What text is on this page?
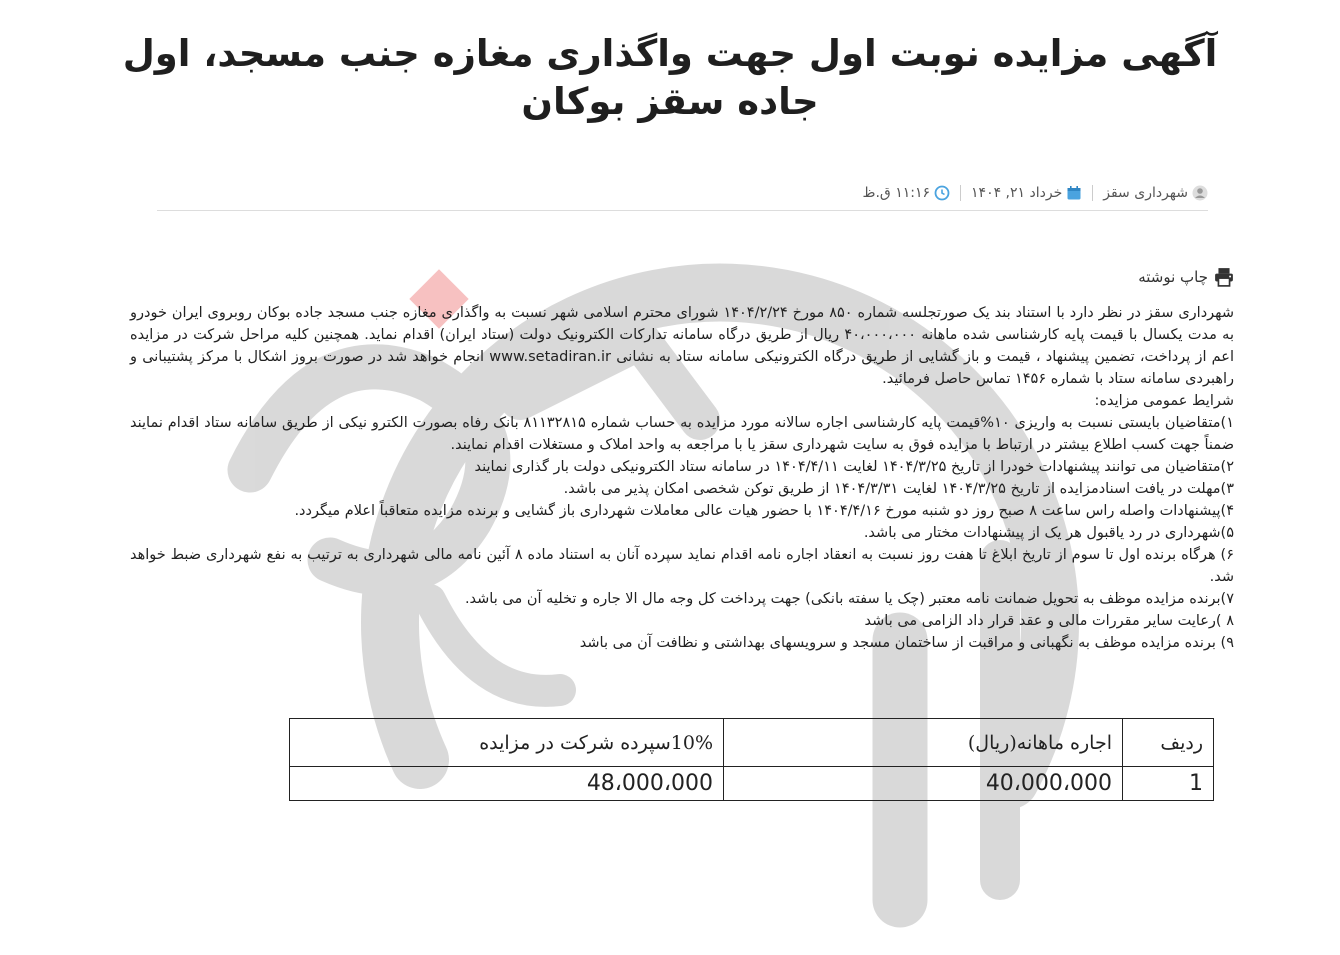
آگهی مزایده نوبت اول جهت واگذاری مغازه جنب مسجد، اول جاده سقز بوکان
شهرداری سقز
خرداد ۲۱, ۱۴۰۴
۱۱:۱۶ ق.ظ
چاپ نوشته

شهرداری سقز در نظر دارد با استناد بند یک صورتجلسه شماره ۸۵۰ مورخ ۱۴۰۴/۲/۲۴ شورای محترم اسلامی شهر نسبت به واگذاری مغازه جنب مسجد جاده بوکان روبروی ایران خودرو به مدت یکسال با قیمت پایه کارشناسی شده ماهانه ۴۰،۰۰۰،۰۰۰ ریال از طریق درگاه سامانه تدارکات الکترونیک دولت (ستاد ایران) اقدام نماید. همچنین کلیه مراحل شرکت در مزایده اعم از پرداخت، تضمین پیشنهاد ، قیمت و باز گشایی از طریق درگاه الکترونیکی سامانه ستاد به نشانی www.setadiran.ir انجام خواهد شد در صورت بروز اشکال با مرکز پشتیبانی و راهبردی سامانه ستاد با شماره ۱۴۵۶ تماس حاصل فرمائید.

شرایط عمومی مزایده:

۱)متقاضیان بایستی نسبت به واریزی ۱۰%قیمت پایه کارشناسی اجاره سالانه مورد مزایده به حساب شماره ۸۱۱۳۲۸۱۵ بانک رفاه بصورت الکترو نیکی از طریق سامانه ستاد اقدام نمایند ضمناً جهت کسب اطلاع بیشتر در ارتباط با مزایده فوق به سایت شهرداری سقز یا با مراجعه به واحد املاک و مستغلات اقدام نمایند.

۲)متقاضیان می توانند پیشنهادات خودرا از تاریخ ۱۴۰۴/۳/۲۵ لغایت ۱۴۰۴/۴/۱۱ در سامانه ستاد الکترونیکی دولت بار گذاری نمایند

۳)مهلت در یافت اسنادمزایده از تاریخ ۱۴۰۴/۳/۲۵ لغایت ۱۴۰۴/۳/۳۱ از طریق توکن شخصی امکان پذیر می باشد.

۴)پیشنهادات واصله راس ساعت ۸ صبح روز دو شنبه مورخ ۱۴۰۴/۴/۱۶ با حضور هیات عالی معاملات شهرداری باز گشایی و برنده مزایده متعاقباً اعلام میگردد.

۵)شهرداری در رد یاقبول هر یک از پیشنهادات مختار می باشد.

۶) هرگاه برنده اول تا سوم از تاریخ ابلاغ تا هفت روز نسبت به انعقاد اجاره نامه اقدام نماید سپرده آنان به استناد ماده ۸ آئین نامه مالی شهرداری به ترتیب به نفع شهرداری ضبط خواهد شد.

۷)برنده مزایده موظف به تحویل ضمانت نامه معتبر (چک یا سفته بانکی) جهت پرداخت کل وجه مال الا جاره و تخلیه آن می باشد.

۸ )رعایت سایر مقررات مالی و عقد قرار داد الزامی می باشد

۹) برنده مزایده موظف به نگهبانی و مراقبت از ساختمان مسجد و سرویسهای بهداشتی و نظافت آن می باشد

ردیف	اجاره ماهانه(ریال)	10%سپرده شرکت در مزایده
1	40،000،000	48،000،000
